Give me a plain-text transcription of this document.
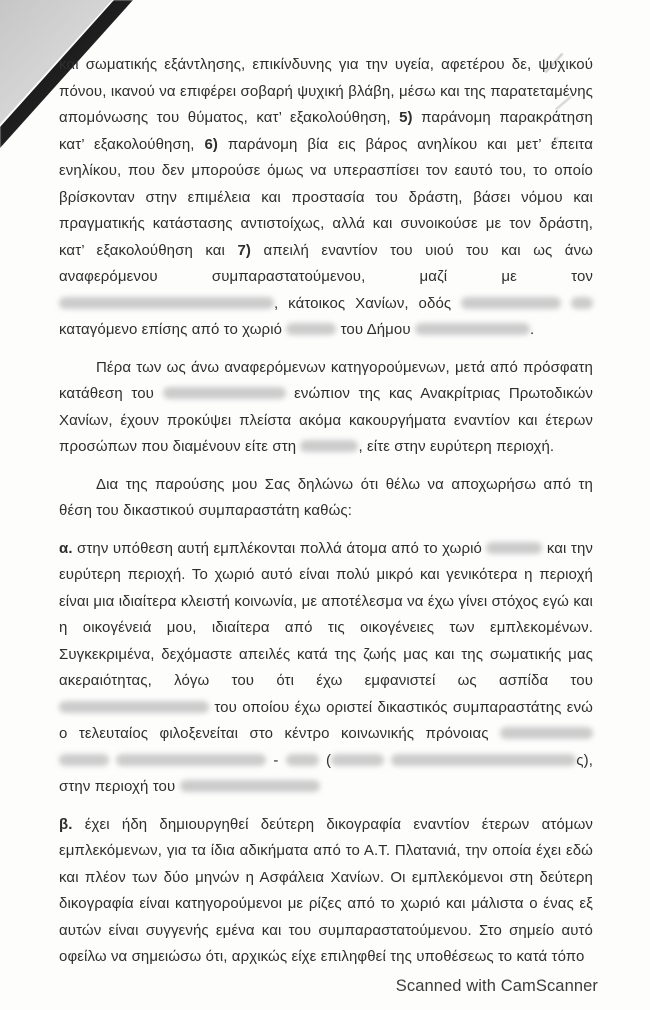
και σωματικής εξάντλησης, επικίνδυνης για την υγεία, αφετέρου δε, ψυχικού πόνου, ικανού να επιφέρει σοβαρή ψυχική βλάβη, μέσω και της παρατεταμένης απομόνωσης του θύματος, κατ’ εξακολούθηση, 5) παράνομη παρακράτηση κατ’ εξακολούθηση, 6) παράνομη βία εις βάρος ανηλίκου και μετ’ έπειτα ενηλίκου, που δεν μπορούσε όμως να υπερασπίσει τον εαυτό του, το οποίο βρίσκονταν στην επιμέλεια και προστασία του δράστη, βάσει νόμου και πραγματικής κατάστασης αντιστοίχως, αλλά και συνοικούσε με τον δράστη, κατ’ εξακολούθηση και 7) απειλή εναντίον του υιού του και ως άνω αναφερόμενου συμπαραστατούμενου, μαζί με τον , κάτοικος Χανίων, οδός   καταγόμενο επίσης από το χωριό	του Δήμου	.

Πέρα των ως άνω αναφερόμενων κατηγορούμενων, μετά από πρόσφατη κατάθεση του	ενώπιον της κας Ανακρίτριας Πρωτοδικών Χανίων, έχουν προκύψει πλείστα ακόμα κακουργήματα εναντίον και έτερων προσώπων που διαμένουν είτε στη	, είτε στην ευρύτερη περιοχή.

Δια της παρούσης μου Σας δηλώνω ότι θέλω να αποχωρήσω από τη θέση του δικαστικού συμπαραστάτη καθώς:

α. στην υπόθεση αυτή εμπλέκονται πολλά άτομα από το χωριό	και την ευρύτερη περιοχή. Το χωριό αυτό είναι πολύ μικρό και γενικότερα η περιοχή είναι μια ιδιαίτερα κλειστή κοινωνία, με αποτέλεσμα να έχω γίνει στόχος εγώ και η οικογένειά μου, ιδιαίτερα από τις οικογένειες των εμπλεκομένων. Συγκεκριμένα, δεχόμαστε απειλές κατά της ζωής μας και της σωματικής μας ακεραιότητας, λόγω του ότι έχω εμφανιστεί ως ασπίδα του  του οποίου έχω οριστεί δικαστικός συμπαραστάτης ενώ ο τελευταίος φιλοξενείται στο κέντρο κοινωνικής πρόνοιας    -  (	ς), στην περιοχή του

β. έχει ήδη δημιουργηθεί δεύτερη δικογραφία εναντίον έτερων ατόμων εμπλεκόμενων, για τα ίδια αδικήματα από το Α.Τ. Πλατανιά, την οποία έχει εδώ και πλέον των δύο μηνών η Ασφάλεια Χανίων. Οι εμπλεκόμενοι στη δεύτερη δικογραφία είναι κατηγορούμενοι με ρίζες από το χωριό και μάλιστα ο ένας εξ αυτών είναι συγγενής εμένα και του συμπαραστατούμενου. Στο σημείο αυτό οφείλω να σημειώσω ότι, αρχικώς είχε επιληφθεί της υποθέσεως το κατά τόπο

Scanned with CamScanner
